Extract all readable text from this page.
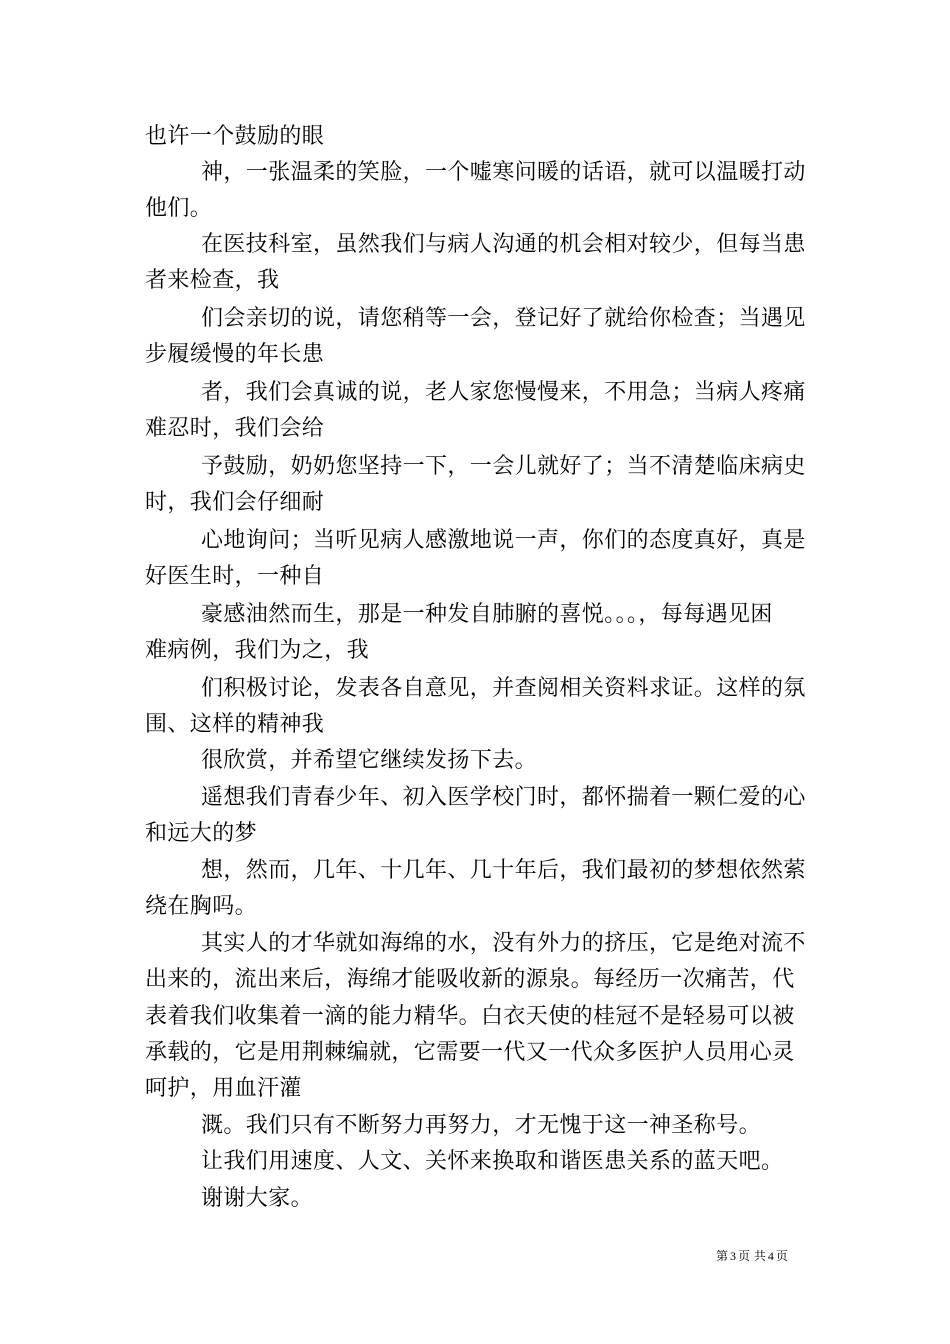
也许一个鼓励的眼
神，一张温柔的笑脸，一个嘘寒问暖的话语，就可以温暖打动
他们。
在医技科室，虽然我们与病人沟通的机会相对较少，但每当患
者来检查，我
们会亲切的说，请您稍等一会，登记好了就给你检查；当遇见
步履缓慢的年长患
者，我们会真诚的说，老人家您慢慢来，不用急；当病人疼痛
难忍时，我们会给
予鼓励，奶奶您坚持一下，一会儿就好了；当不清楚临床病史
时，我们会仔细耐
心地询问；当听见病人感激地说一声，你们的态度真好，真是
好医生时，一种自
豪感油然而生，那是一种发自肺腑的喜悦。。。，每每遇见困
难病例，我们为之，我
们积极讨论，发表各自意见，并查阅相关资料求证。这样的氛
围、这样的精神我
很欣赏，并希望它继续发扬下去。
遥想我们青春少年、初入医学校门时，都怀揣着一颗仁爱的心
和远大的梦
想，然而，几年、十几年、几十年后，我们最初的梦想依然萦
绕在胸吗。
其实人的才华就如海绵的水，没有外力的挤压，它是绝对流不
出来的，流出来后，海绵才能吸收新的源泉。每经历一次痛苦，代
表着我们收集着一滴的能力精华。白衣天使的桂冠不是轻易可以被
承载的，它是用荆棘编就，它需要一代又一代众多医护人员用心灵
呵护，用血汗灌
溉。我们只有不断努力再努力，才无愧于这一神圣称号。
让我们用速度、人文、关怀来换取和谐医患关系的蓝天吧。
谢谢大家。
第 3 页 共 4 页
